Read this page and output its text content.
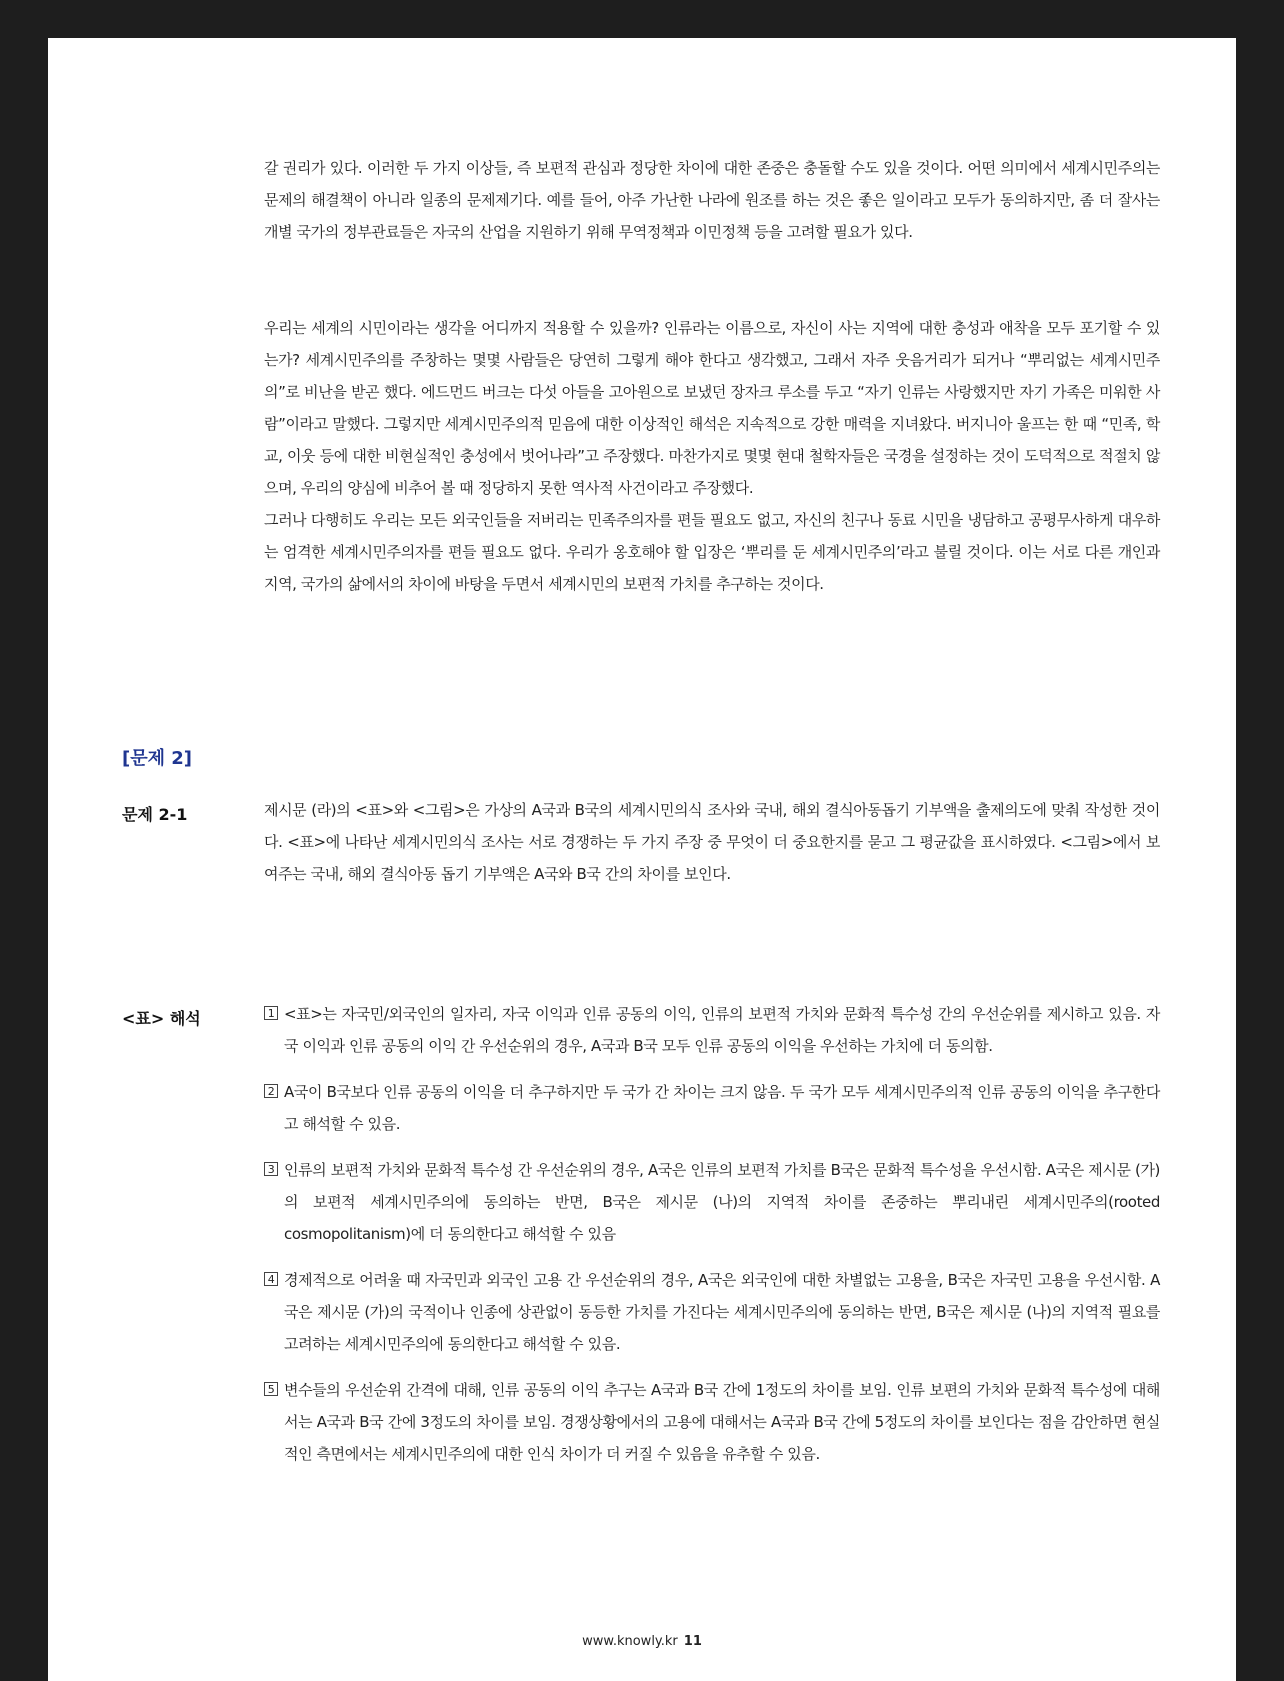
갈 권리가 있다. 이러한 두 가지 이상들, 즉 보편적 관심과 정당한 차이에 대한 존중은 충돌할 수도 있을 것이다. 어떤 의미에서 세계시민주의는 문제의 해결책이 아니라 일종의 문제제기다. 예를 들어, 아주 가난한 나라에 원조를 하는 것은 좋은 일이라고 모두가 동의하지만, 좀 더 잘사는 개별 국가의 정부관료들은 자국의 산업을 지원하기 위해 무역정책과 이민정책 등을 고려할 필요가 있다.

우리는 세계의 시민이라는 생각을 어디까지 적용할 수 있을까? 인류라는 이름으로, 자신이 사는 지역에 대한 충성과 애착을 모두 포기할 수 있는가? 세계시민주의를 주창하는 몇몇 사람들은 당연히 그렇게 해야 한다고 생각했고, 그래서 자주 웃음거리가 되거나 “뿌리없는 세계시민주의”로 비난을 받곤 했다. 에드먼드 버크는 다섯 아들을 고아원으로 보냈던 장자크 루소를 두고 “자기 인류는 사랑했지만 자기 가족은 미워한 사람”이라고 말했다. 그렇지만 세계시민주의적 믿음에 대한 이상적인 해석은 지속적으로 강한 매력을 지녀왔다. 버지니아 울프는 한 때 “민족, 학교, 이웃 등에 대한 비현실적인 충성에서 벗어나라”고 주장했다. 마찬가지로 몇몇 현대 철학자들은 국경을 설정하는 것이 도덕적으로 적절치 않으며, 우리의 양심에 비추어 볼 때 정당하지 못한 역사적 사건이라고 주장했다.

그러나 다행히도 우리는 모든 외국인들을 저버리는 민족주의자를 편들 필요도 없고, 자신의 친구나 동료 시민을 냉담하고 공평무사하게 대우하는 엄격한 세계시민주의자를 편들 필요도 없다. 우리가 옹호해야 할 입장은 ‘뿌리를 둔 세계시민주의’라고 불릴 것이다. 이는 서로 다른 개인과 지역, 국가의 삶에서의 차이에 바탕을 두면서 세계시민의 보편적 가치를 추구하는 것이다.

[문제 2]

문제 2-1	제시문 (라)의 <표>와 <그림>은 가상의 A국과 B국의 세계시민의식 조사와 국내, 해외 결식아동돕기 기부액을 출제의도에 맞춰 작성한 것이다. <표>에 나타난 세계시민의식 조사는 서로 경쟁하는 두 가지 주장 중 무엇이 더 중요한지를 묻고 그 평균값을 표시하였다. <그림>에서 보여주는 국내, 해외 결식아동 돕기 기부액은 A국와 B국 간의 차이를 보인다.

<표> 해석	1 <표>는 자국민/외국인의 일자리, 자국 이익과 인류 공동의 이익, 인류의 보편적 가치와 문화적 특수성 간의 우선순위를 제시하고 있음. 자국 이익과 인류 공동의 이익 간 우선순위의 경우, A국과 B국 모두 인류 공동의 이익을 우선하는 가치에 더 동의함.
2 A국이 B국보다 인류 공동의 이익을 더 추구하지만 두 국가 간 차이는 크지 않음. 두 국가 모두 세계시민주의적 인류 공동의 이익을 추구한다고 해석할 수 있음.
3 인류의 보편적 가치와 문화적 특수성 간 우선순위의 경우, A국은 인류의 보편적 가치를 B국은 문화적 특수성을 우선시함. A국은 제시문 (가)의 보편적 세계시민주의에 동의하는 반면, B국은 제시문 (나)의 지역적 차이를 존중하는 뿌리내린 세계시민주의(rooted cosmopolitanism)에 더 동의한다고 해석할 수 있음
4 경제적으로 어려울 때 자국민과 외국인 고용 간 우선순위의 경우, A국은 외국인에 대한 차별없는 고용을, B국은 자국민 고용을 우선시함. A국은 제시문 (가)의 국적이나 인종에 상관없이 동등한 가치를 가진다는 세계시민주의에 동의하는 반면, B국은 제시문 (나)의 지역적 필요를 고려하는 세계시민주의에 동의한다고 해석할 수 있음.
5 변수들의 우선순위 간격에 대해, 인류 공동의 이익 추구는 A국과 B국 간에 1정도의 차이를 보임. 인류 보편의 가치와 문화적 특수성에 대해서는 A국과 B국 간에 3정도의 차이를 보임. 경쟁상황에서의 고용에 대해서는 A국과 B국 간에 5정도의 차이를 보인다는 점을 감안하면 현실적인 측면에서는 세계시민주의에 대한 인식 차이가 더 커질 수 있음을 유추할 수 있음.
www.knowly.kr 11
